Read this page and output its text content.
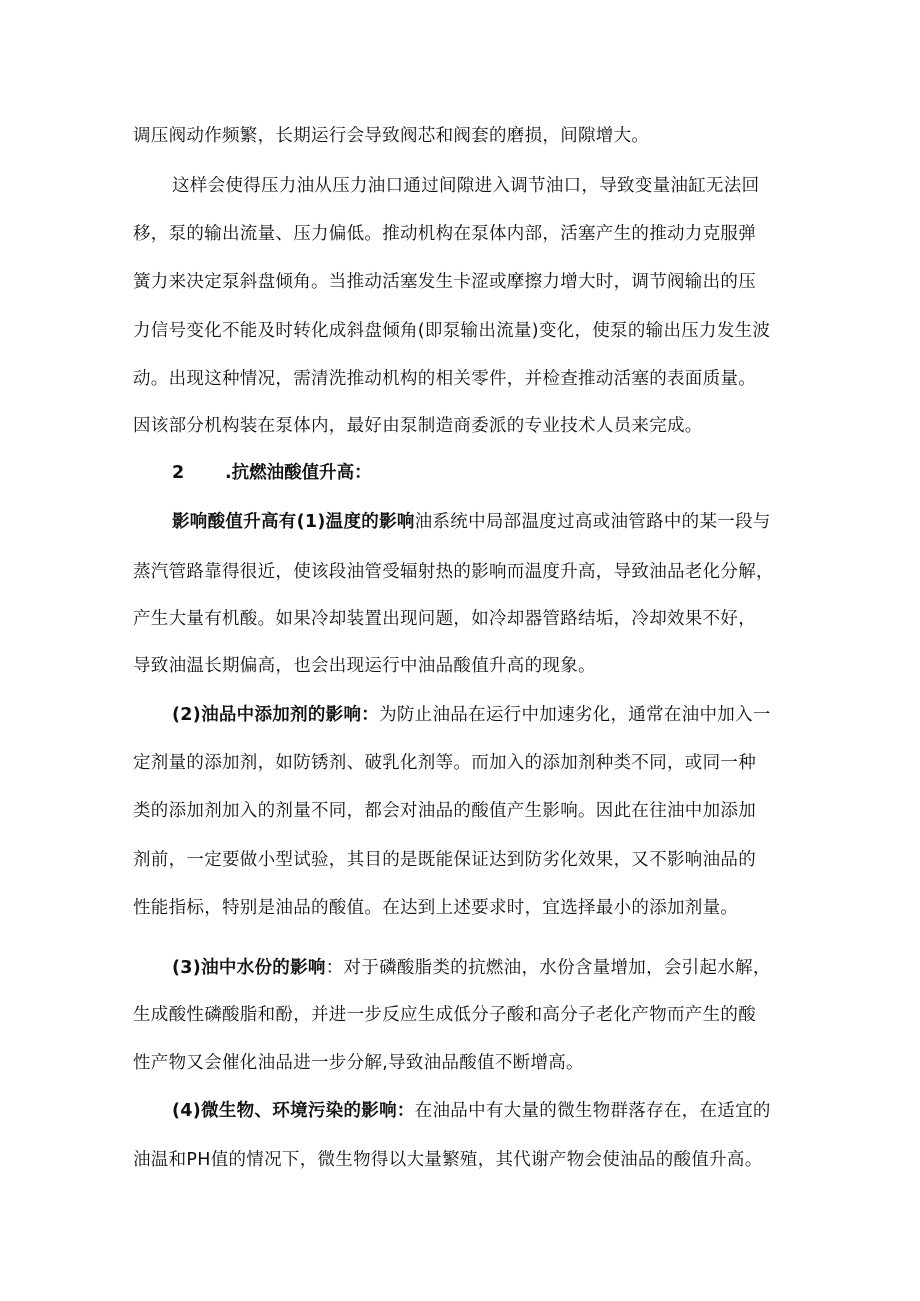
调压阀动作频繁，长期运行会导致阀芯和阀套的磨损，间隙增大。
这样会使得压力油从压力油口通过间隙进入调节油口，导致变量油缸无法回
移，泵的输出流量、压力偏低。推动机构在泵体内部，活塞产生的推动力克服弹
簧力来决定泵斜盘倾角。当推动活塞发生卡涩或摩擦力增大时，调节阀输出的压
力信号变化不能及时转化成斜盘倾角(即泵输出流量)变化，使泵的输出压力发生波
动。出现这种情况，需清洗推动机构的相关零件，并检查推动活塞的表面质量。
因该部分机构装在泵体内，最好由泵制造商委派的专业技术人员来完成。
2 .抗燃油酸值升高：
影响酸值升高有(1)温度的影响油系统中局部温度过高或油管路中的某一段与
蒸汽管路靠得很近，使该段油管受辐射热的影响而温度升高，导致油品老化分解，
产生大量有机酸。如果冷却装置出现问题，如冷却器管路结垢，冷却效果不好，
导致油温长期偏高，也会出现运行中油品酸值升高的现象。
(2)油品中添加剂的影响：为防止油品在运行中加速劣化，通常在油中加入一
定剂量的添加剂，如防锈剂、破乳化剂等。而加入的添加剂种类不同，或同一种
类的添加剂加入的剂量不同，都会对油品的酸值产生影响。因此在往油中加添加
剂前，一定要做小型试验，其目的是既能保证达到防劣化效果，又不影响油品的
性能指标，特别是油品的酸值。在达到上述要求时，宜选择最小的添加剂量。
(3)油中水份的影响：对于磷酸脂类的抗燃油，水份含量增加，会引起水解，
生成酸性磷酸脂和酚，并进一步反应生成低分子酸和高分子老化产物而产生的酸
性产物又会催化油品进一步分解,导致油品酸值不断增高。
(4)微生物、环境污染的影响：在油品中有大量的微生物群落存在，在适宜的
油温和PH值的情况下，微生物得以大量繁殖，其代谢产物会使油品的酸值升高。
